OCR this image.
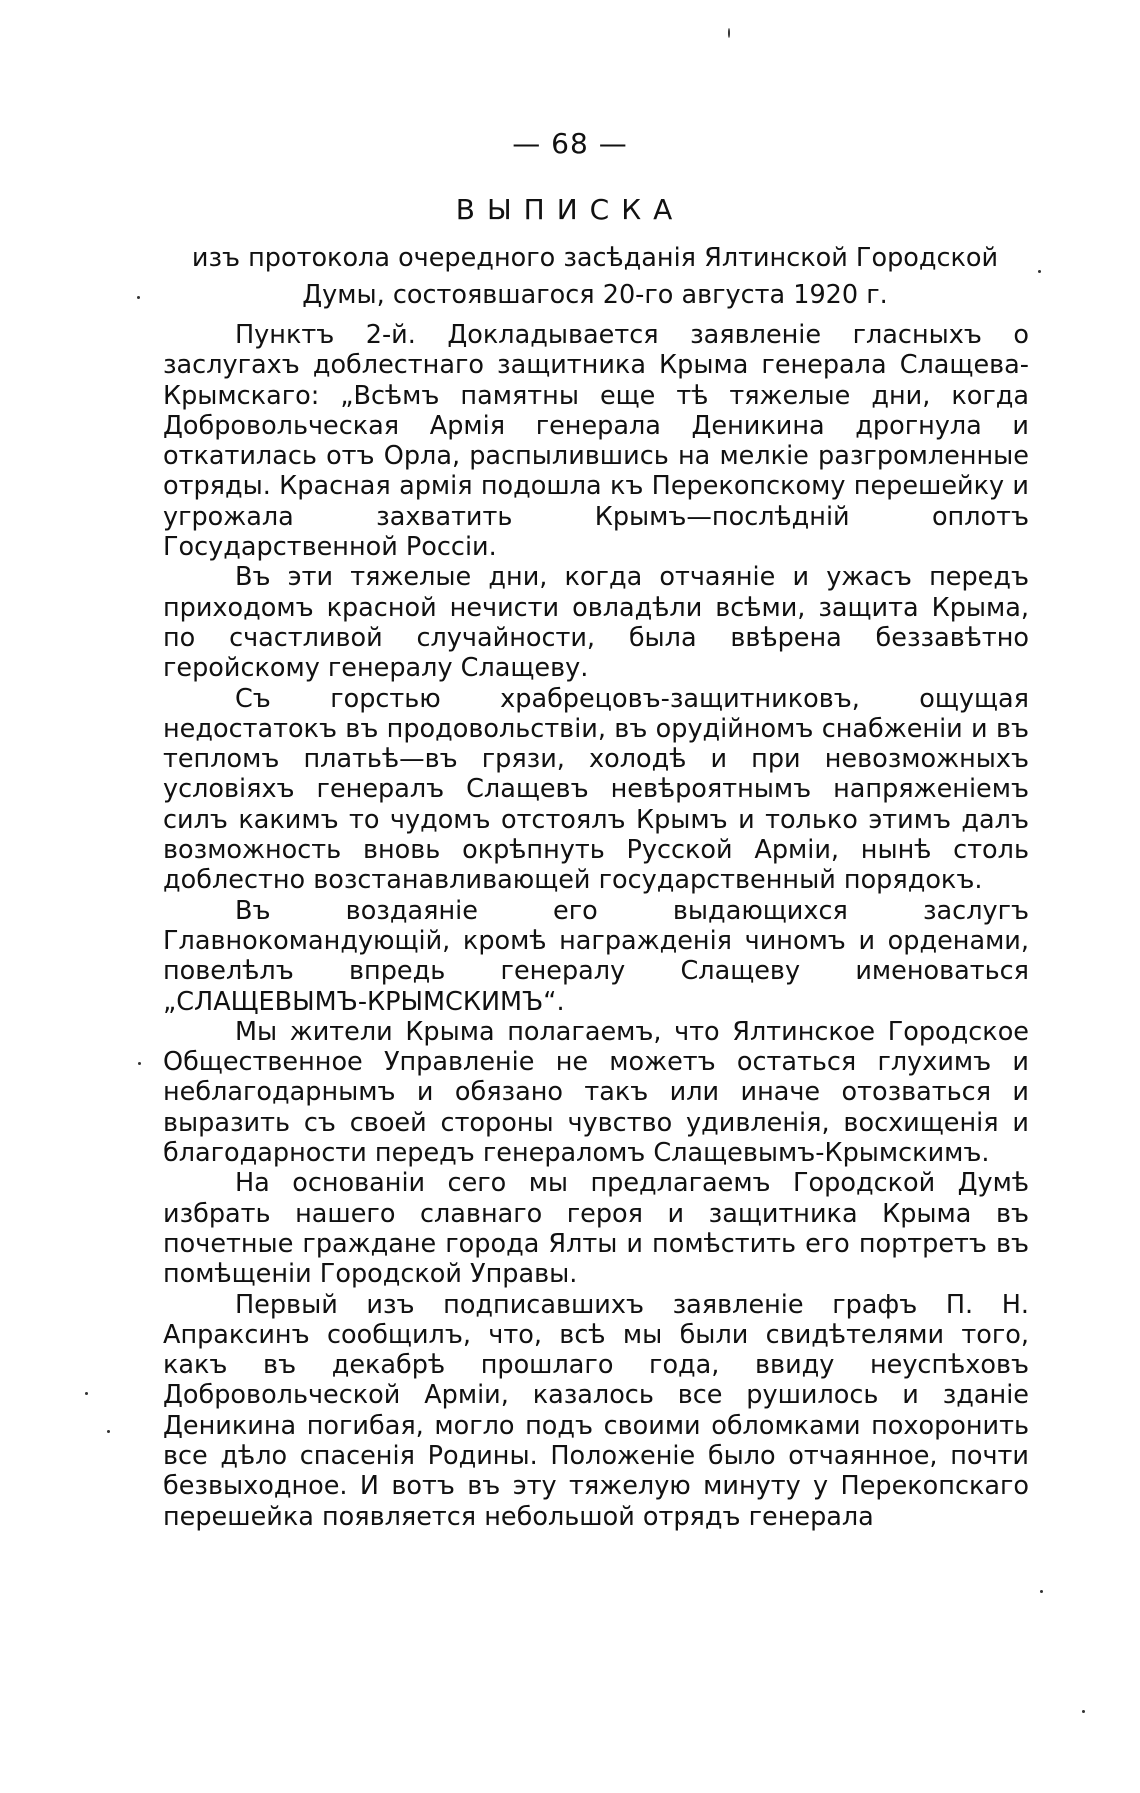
— 68 —
ВЫПИСКА
изъ протокола очередного засѣданія Ялтинской Городской Думы, состоявшагося 20-го августа 1920 г.

Пунктъ 2-й. Докладывается заявленіе гласныхъ о заслугахъ доблестнаго защитника Крыма генерала Слащева-Крымскаго: „Всѣмъ памятны еще тѣ тяжелые дни, когда Добровольческая Армія генерала Деникина дрогнула и откатилась отъ Орла, распылившись на мелкіе разгромленные отряды. Красная армія подошла къ Перекопскому перешейку и угрожала захватить Крымъ—послѣдній оплотъ Государственной Россіи.

Въ эти тяжелые дни, когда отчаяніе и ужасъ передъ приходомъ красной нечисти овладѣли всѣми, защита Крыма, по счастливой случайности, была ввѣрена беззавѣтно геройскому генералу Слащеву.

Съ горстью храбрецовъ-защитниковъ, ощущая недостатокъ въ продовольствіи, въ орудійномъ снабженіи и въ тепломъ платьѣ—въ грязи, холодѣ и при невозможныхъ условіяхъ генералъ Слащевъ невѣроятнымъ напряженіемъ силъ какимъ то чудомъ отстоялъ Крымъ и только этимъ далъ возможность вновь окрѣпнуть Русской Арміи, нынѣ столь доблестно возстанавливающей государственный порядокъ.

Въ воздаяніе его выдающихся заслугъ Главнокомандующій, кромѣ награжденія чиномъ и орденами, повелѣлъ впредь генералу Слащеву именоваться „СЛАЩЕВЫМЪ-КРЫМСКИМЪ“.

Мы жители Крыма полагаемъ, что Ялтинское Городское Общественное Управленіе не можетъ остаться глухимъ и неблагодарнымъ и обязано такъ или иначе отозваться и выразить съ своей стороны чувство удивленія, восхищенія и благодарности передъ генераломъ Слащевымъ-Крымскимъ.

На основаніи сего мы предлагаемъ Городской Думѣ избрать нашего славнаго героя и защитника Крыма въ почетные граждане города Ялты и помѣстить его портретъ въ помѣщеніи Городской Управы.

Первый изъ подписавшихъ заявленіе графъ П. Н. Апраксинъ сообщилъ, что, всѣ мы были свидѣтелями того, какъ въ декабрѣ прошлаго года, ввиду неуспѣховъ Добровольческой Арміи, казалось все рушилось и зданіе Деникина погибая, могло подъ своими обломками похоронить все дѣло спасенія Родины. Положеніе было отчаянное, почти безвыходное. И вотъ въ эту тяжелую минуту у Перекопскаго перешейка появляется небольшой отрядъ генерала
